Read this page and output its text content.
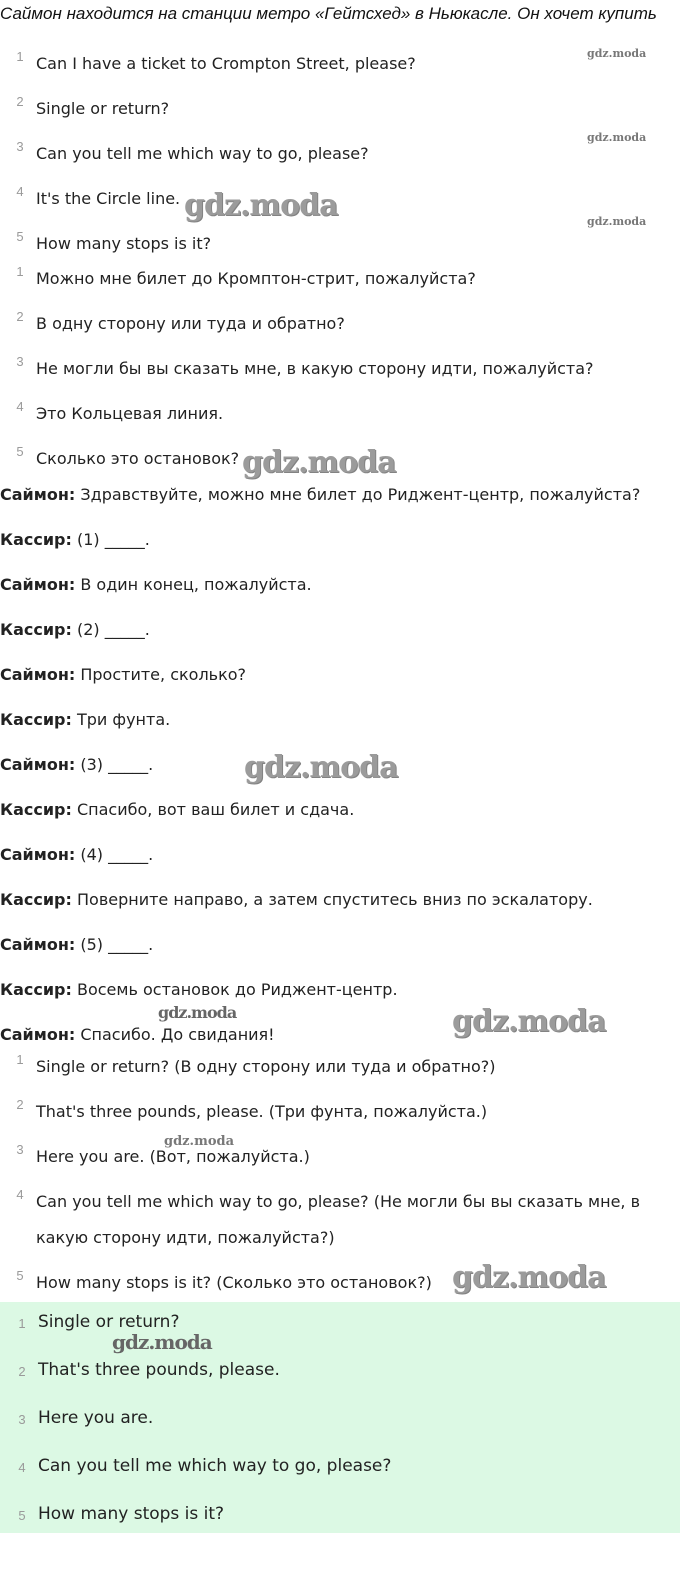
Саймон находится на станции метро «Гейтсхед» в Ньюкасле. Он хочет купить
1 Can I have a ticket to Crompton Street, please?
2 Single or return?
3 Can you tell me which way to go, please?
4 It's the Circle line.
5 How many stops is it?
1 Можно мне билет до Кромптон-стрит, пожалуйста?
2 В одну сторону или туда и обратно?
3 Не могли бы вы сказать мне, в какую сторону идти, пожалуйста?
4 Это Кольцевая линия.
5 Сколько это остановок?
Саймон: Здравствуйте, можно мне билет до Риджент-центр, пожалуйста?
Кассир: (1) _____.
Саймон: В один конец, пожалуйста.
Кассир: (2) _____.
Саймон: Простите, сколько?
Кассир: Три фунта.
Саймон: (3) _____.
Кассир: Спасибо, вот ваш билет и сдача.
Саймон: (4) _____.
Кассир: Поверните направо, а затем спуститесь вниз по эскалатору.
Саймон: (5) _____.
Кассир: Восемь остановок до Риджент-центр.
Саймон: Спасибо. До свидания!
1 Single or return? (В одну сторону или туда и обратно?)
2 That's three pounds, please. (Три фунта, пожалуйста.)
3 Here you are. (Вот, пожалуйста.)
4 Can you tell me which way to go, please? (Не могли бы вы сказать мне, в какую сторону идти, пожалуйста?)
5 How many stops is it? (Сколько это остановок?)
1 Single or return?
2 That's three pounds, please.
3 Here you are.
4 Can you tell me which way to go, please?
5 How many stops is it?
gdz.moda
gdz.moda
gdz.moda
gdz.moda
gdz.moda
gdz.moda
gdz.moda
gdz.moda
gdz.moda
gdz.moda
gdz.moda
